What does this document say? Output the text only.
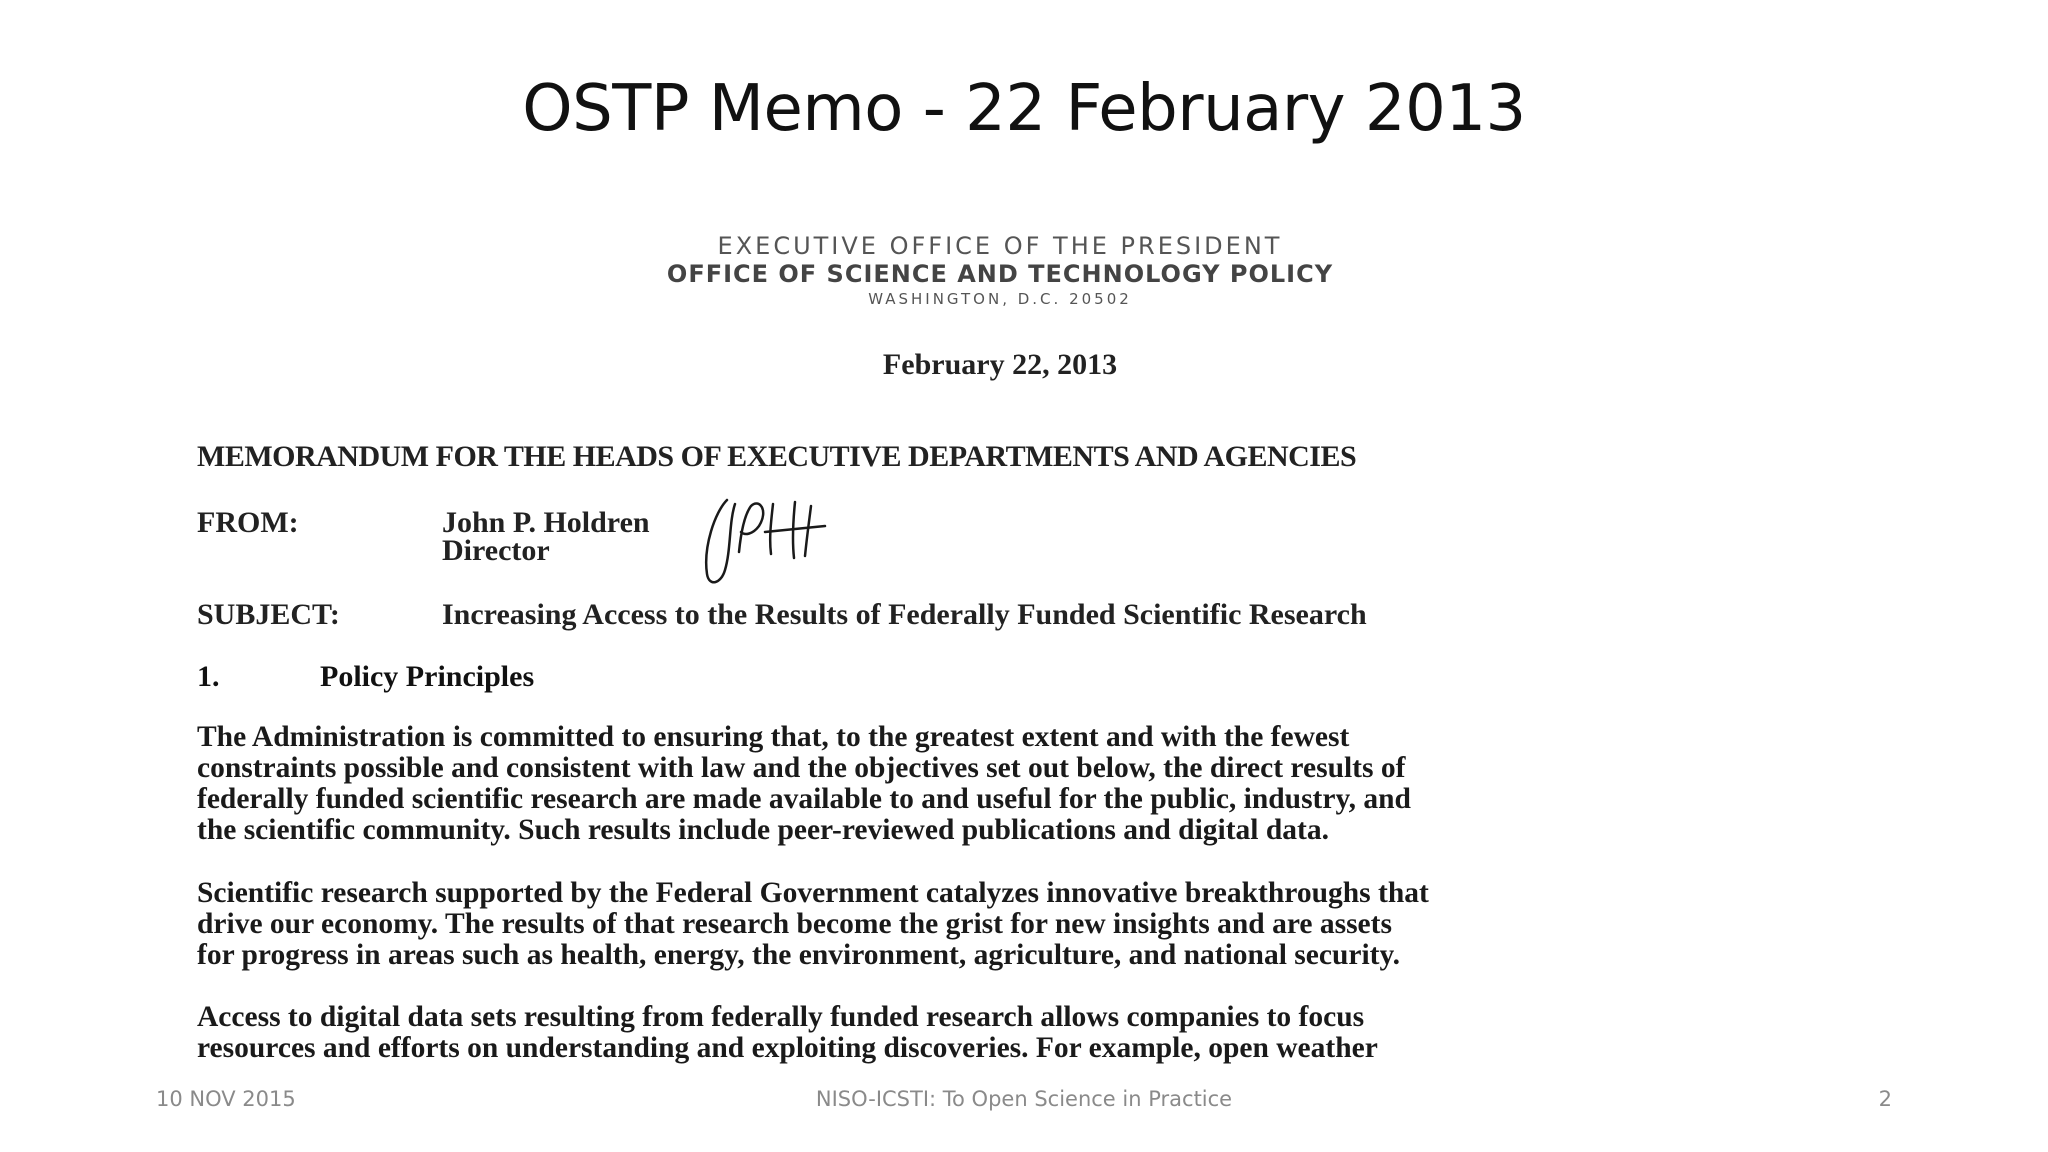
OSTP Memo - 22 February 2013
EXECUTIVE OFFICE OF THE PRESIDENT
OFFICE OF SCIENCE AND TECHNOLOGY POLICY
WASHINGTON, D.C. 20502
February 22, 2013
MEMORANDUM FOR THE HEADS OF EXECUTIVE DEPARTMENTS AND AGENCIES
FROM:	John P. Holdren
Director
SUBJECT:	Increasing Access to the Results of Federally Funded Scientific Research
1.	Policy Principles
The Administration is committed to ensuring that, to the greatest extent and with the fewest
constraints possible and consistent with law and the objectives set out below, the direct results of
federally funded scientific research are made available to and useful for the public, industry, and
the scientific community. Such results include peer-reviewed publications and digital data.
Scientific research supported by the Federal Government catalyzes innovative breakthroughs that
drive our economy. The results of that research become the grist for new insights and are assets
for progress in areas such as health, energy, the environment, agriculture, and national security.
Access to digital data sets resulting from federally funded research allows companies to focus
resources and efforts on understanding and exploiting discoveries. For example, open weather
10 NOV 2015	NISO-ICSTI: To Open Science in Practice	2
